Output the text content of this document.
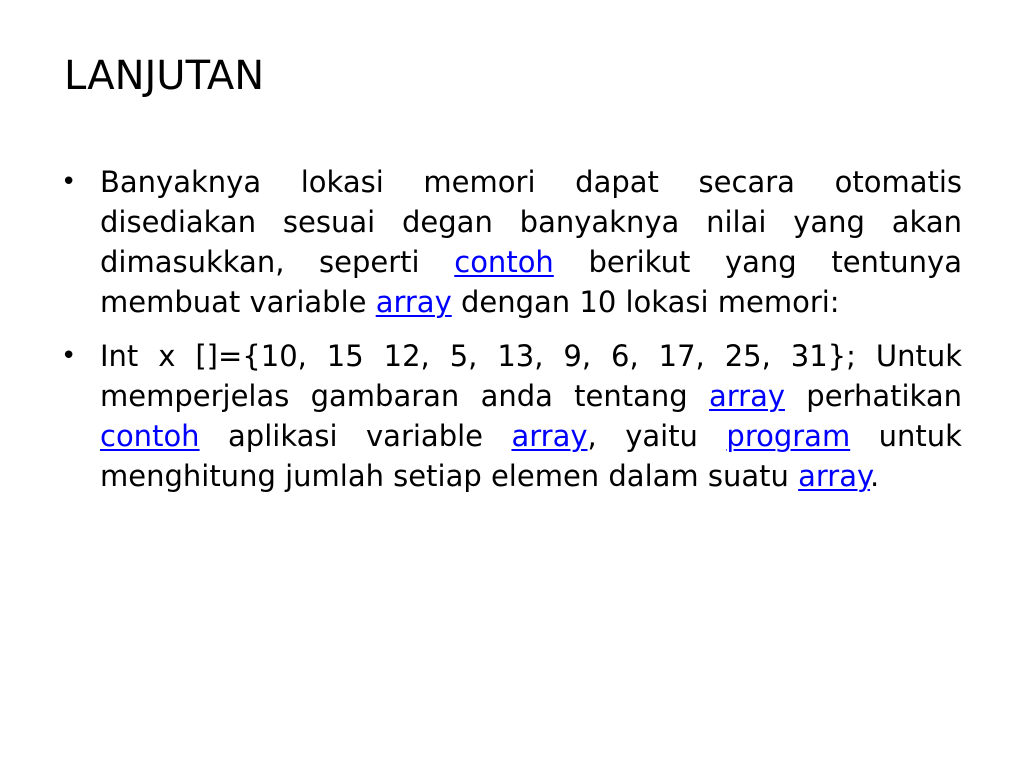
LANJUTAN
• Banyaknya lokasi memori dapat secara otomatis disediakan sesuai degan banyaknya nilai yang akan dimasukkan, seperti contoh berikut yang tentunya membuat variable array dengan 10 lokasi memori:
• Int x []={10, 15 12, 5, 13, 9, 6, 17, 25, 31}; Untuk memperjelas gambaran anda tentang array perhatikan contoh aplikasi variable array, yaitu program untuk menghitung jumlah setiap elemen dalam suatu array.
